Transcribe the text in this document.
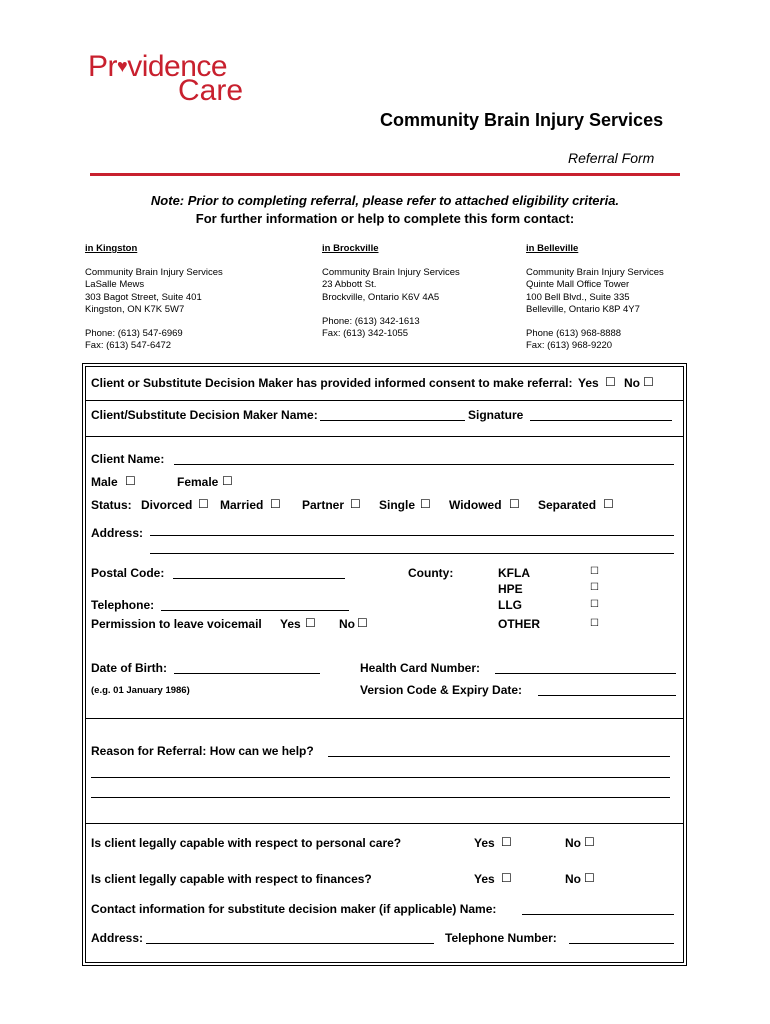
Pr♥vidence
Care
Community Brain Injury Services
Referral Form
Note: Prior to completing referral, please refer to attached eligibility criteria.
For further information or help to complete this form contact:
in Kingston
Community Brain Injury Services
LaSalle Mews
303 Bagot Street, Suite 401
Kingston, ON K7K 5W7
Phone: (613) 547-6969
Fax: (613) 547-6472
in Brockville
Community Brain Injury Services
23 Abbott St.
Brockville, Ontario K6V 4A5
Phone: (613) 342-1613
Fax: (613) 342-1055
in Belleville
Community Brain Injury Services
Quinte Mall Office Tower
100 Bell Blvd., Suite 335
Belleville, Ontario K8P 4Y7
Phone (613) 968-8888
Fax: (613) 968-9220
Client or Substitute Decision Maker has provided informed consent to make referral: Yes ☐ No ☐
Client/Substitute Decision Maker Name:	Signature
Client Name:
Male ☐	Female ☐
Status: Divorced ☐ Married ☐ Partner ☐ Single ☐ Widowed ☐ Separated ☐
Address:
Postal Code:	County:	KFLA	☐
HPE	☐
LLG	☐
OTHER	☐
Telephone:
Permission to leave voicemail Yes ☐ No ☐
Date of Birth:
(e.g. 01 January 1986)
Health Card Number:
Version Code & Expiry Date:
Reason for Referral: How can we help?
Is client legally capable with respect to personal care?	Yes ☐	No ☐
Is client legally capable with respect to finances?	Yes ☐	No ☐
Contact information for substitute decision maker (if applicable) Name:
Address:	Telephone Number:
